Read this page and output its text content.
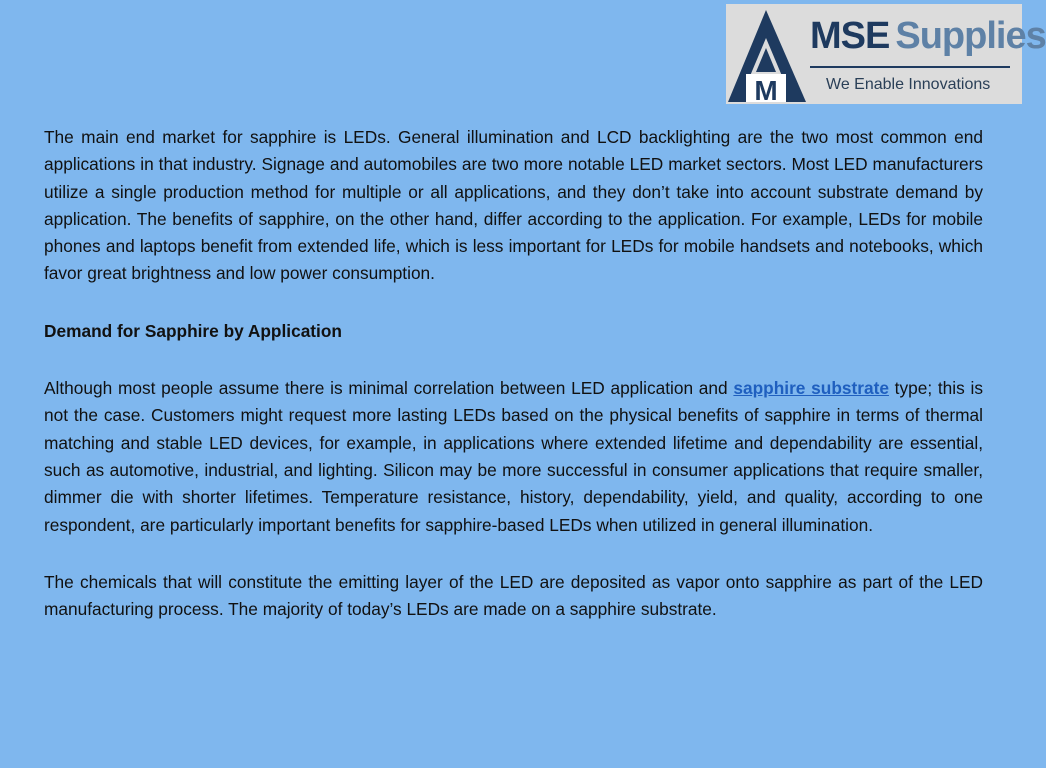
M
MSE Supplies
We Enable Innovations

The main end market for sapphire is LEDs. General illumination and LCD backlighting are the two most common end applications in that industry. Signage and automobiles are two more notable LED market sectors. Most LED manufacturers utilize a single production method for multiple or all applications, and they don’t take into account substrate demand by application. The benefits of sapphire, on the other hand, differ according to the application. For example, LEDs for mobile phones and laptops benefit from extended life, which is less important for LEDs for mobile handsets and notebooks, which favor great brightness and low power consumption.

Demand for Sapphire by Application

Although most people assume there is minimal correlation between LED application and sapphire substrate type; this is not the case. Customers might request more lasting LEDs based on the physical benefits of sapphire in terms of thermal matching and stable LED devices, for example, in applications where extended lifetime and dependability are essential, such as automotive, industrial, and lighting. Silicon may be more successful in consumer applications that require smaller, dimmer die with shorter lifetimes. Temperature resistance, history, dependability, yield, and quality, according to one respondent, are particularly important benefits for sapphire-based LEDs when utilized in general illumination.

The chemicals that will constitute the emitting layer of the LED are deposited as vapor onto sapphire as part of the LED manufacturing process. The majority of today’s LEDs are made on a sapphire substrate.
